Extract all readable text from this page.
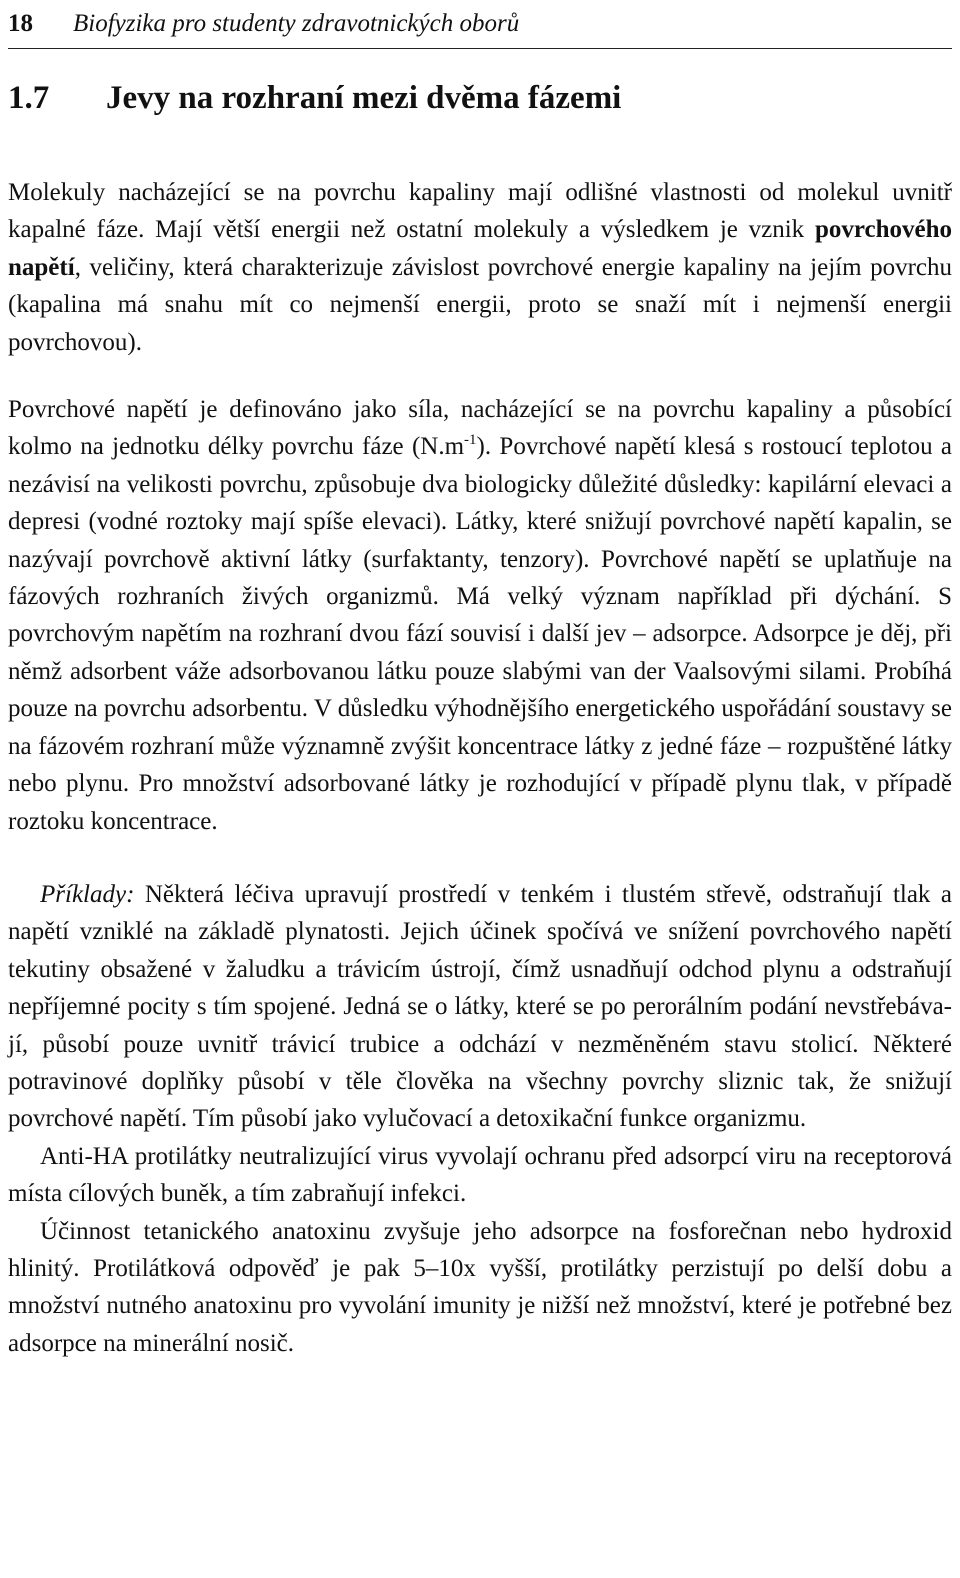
18 Biofyzika pro studenty zdravotnických oborů
1.7 Jevy na rozhraní mezi dvěma fázemi

Molekuly nacházející se na povrchu kapaliny mají odlišné vlastnosti od molekul uvnitř kapalné fáze. Mají větší energii než ostatní molekuly a výsledkem je vznik povrchového napětí, veličiny, která charakterizuje závislost povrchové energie kapaliny na jejím povrchu (kapalina má snahu mít co nejmenší energii, proto se snaží mít i nejmenší energii povrchovou).

Povrchové napětí je definováno jako síla, nacházející se na povrchu kapaliny a působící kolmo na jednotku délky povrchu fáze $(N.m^{-1})$. Povrchové napětí klesá s rostoucí teplotou a nezávisí na velikosti povrchu, způsobuje dva biologicky důležité důsledky: kapilární elevaci a depresi (vodné roztoky mají spíše elevaci). Látky, které snižují povrchové napětí kapalin, se nazývají povrchově aktivní látky (surfaktanty, tenzory). Povrchové napětí se uplatňuje na fázových rozhraních živých organizmů. Má velký význam například při dýchání. S povrchovým napětím na rozhraní dvou fází souvisí i další jev – adsorpce. Adsorpce je děj, při němž adsorbent váže adsorbovanou látku pouze slabými van der Vaalsovými silami. Probíhá pouze na povrchu adsorbentu. V důsledku výhodnějšího energetického uspořádání soustavy se na fázovém rozhraní může významně zvýšit koncentrace látky z jedné fáze – rozpuštěné látky nebo plynu. Pro množství adsorbované látky je rozhodující v případě plynu tlak, v případě roztoku koncentrace.

Příklady: Některá léčiva upravují prostředí v tenkém i tlustém střevě, odstraňují tlak a napětí vzniklé na základě plynatosti. Jejich účinek spočívá ve snížení povrchového napětí tekutiny obsažené v žaludku a trávicím ústrojí, čímž usnadňují odchod plynu a odstraňují nepříjemné pocity s tím spojené. Jedná se o látky, které se po perorálním podání nevstřebávají, působí pouze uvnitř trávicí trubice a odchází v nezměněném stavu stolicí. Některé potravinové doplňky působí v těle člověka na všechny povrchy sliznic tak, že snižují povrchové napětí. Tím působí jako vylučovací a detoxikační funkce organizmu.

Anti-HA protilátky neutralizující virus vyvolají ochranu před adsorpcí viru na receptorová místa cílových buněk, a tím zabraňují infekci.

Účinnost tetanického anatoxinu zvyšuje jeho adsorpce na fosforečnan nebo hydroxid hlinitý. Protilátková odpověď je pak 5–10x vyšší, protilátky perzistují po delší dobu a množství nutného anatoxinu pro vyvolání imunity je nižší než množství, které je potřebné bez adsorpce na minerální nosič.
